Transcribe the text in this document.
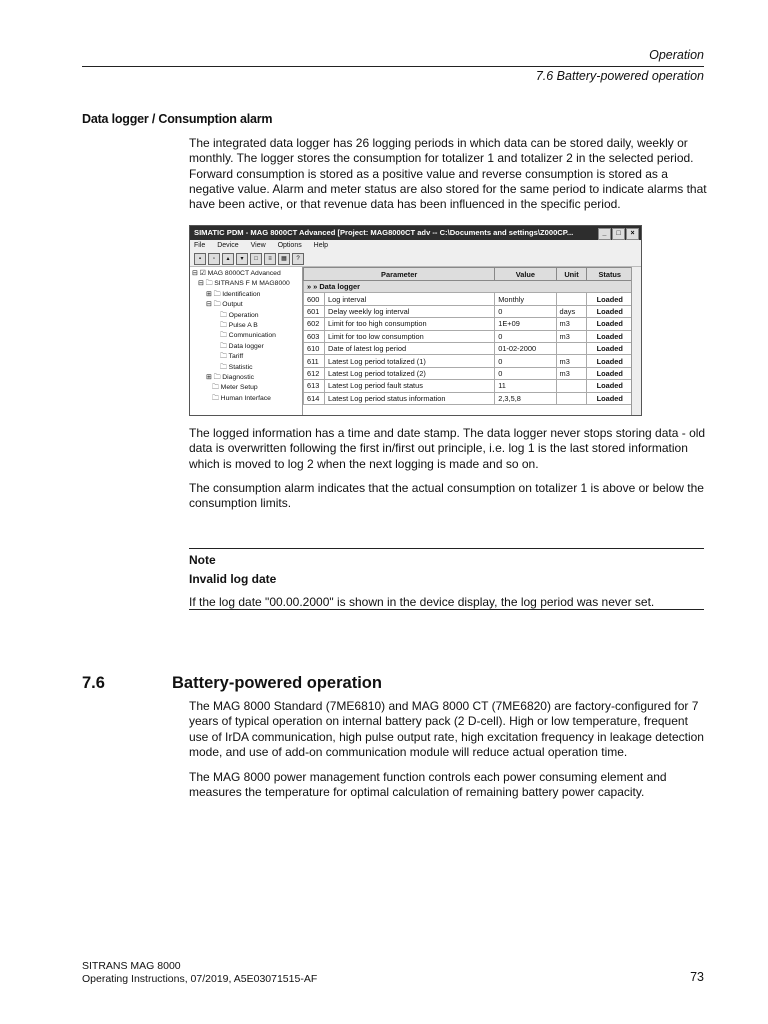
Operation
7.6 Battery-powered operation
Data logger / Consumption alarm

The integrated data logger has 26 logging periods in which data can be stored daily, weekly or monthly. The logger stores the consumption for totalizer 1 and totalizer 2 in the selected period. Forward consumption is stored as a positive value and reverse consumption is stored as a negative value. Alarm and meter status are also stored for the same period to indicate alarms that have been active, or that revenue data has been influenced in the specific period.

SIMATIC PDM - MAG 8000CT Advanced [Project: MAG8000CT adv -- C:\Documents and settings\Z000CP...	_	□	×
File Device View Options Help
▪	▫	▴	▾	□	≡	▦	?
⊟ ☑ MAG 8000CT Advanced
⊟ 🗀 SITRANS F M MAG8000
⊞ 🗀 Identification
⊟ 🗀 Output
🗀 Operation
🗀 Pulse A B
🗀 Communication
🗀 Data logger
🗀 Tariff
🗀 Statistic
⊞ 🗀 Diagnostic
🗀 Meter Setup
🗀 Human Interface
Parameter		Value	Unit	Status
» » Data logger				
600	Log interval	Monthly		Loaded
601	Delay weekly log interval	0	days	Loaded
602	Limit for too high consumption	1E+09	m3	Loaded
603	Limit for too low consumption	0	m3	Loaded
610	Date of latest log period	01-02-2000		Loaded
611	Latest Log period totalized (1)	0	m3	Loaded
612	Latest Log period totalized (2)	0	m3	Loaded
613	Latest Log period fault status	11		Loaded
614	Latest Log period status information	2,3,5,8		Loaded

The logged information has a time and date stamp. The data logger never stops storing data - old data is overwritten following the first in/first out principle, i.e. log 1 is the last stored information which is moved to log 2 when the next logging is made and so on.

The consumption alarm indicates that the actual consumption on totalizer 1 is above or below the consumption limits.

Note
Invalid log date
If the log date "00.00.2000" is shown in the device display, the log period was never set.
7.6	Battery-powered operation

The MAG 8000 Standard (7ME6810) and MAG 8000 CT (7ME6820) are factory-configured for 7 years of typical operation on internal battery pack (2 D-cell). High or low temperature, frequent use of IrDA communication, high pulse output rate, high excitation frequency in leakage detection mode, and use of add-on communication module will reduce actual operation time.

The MAG 8000 power management function controls each power consuming element and measures the temperature for optimal calculation of remaining battery power capacity.

SITRANS MAG 8000
Operating Instructions, 07/2019, A5E03071515-AF	73
